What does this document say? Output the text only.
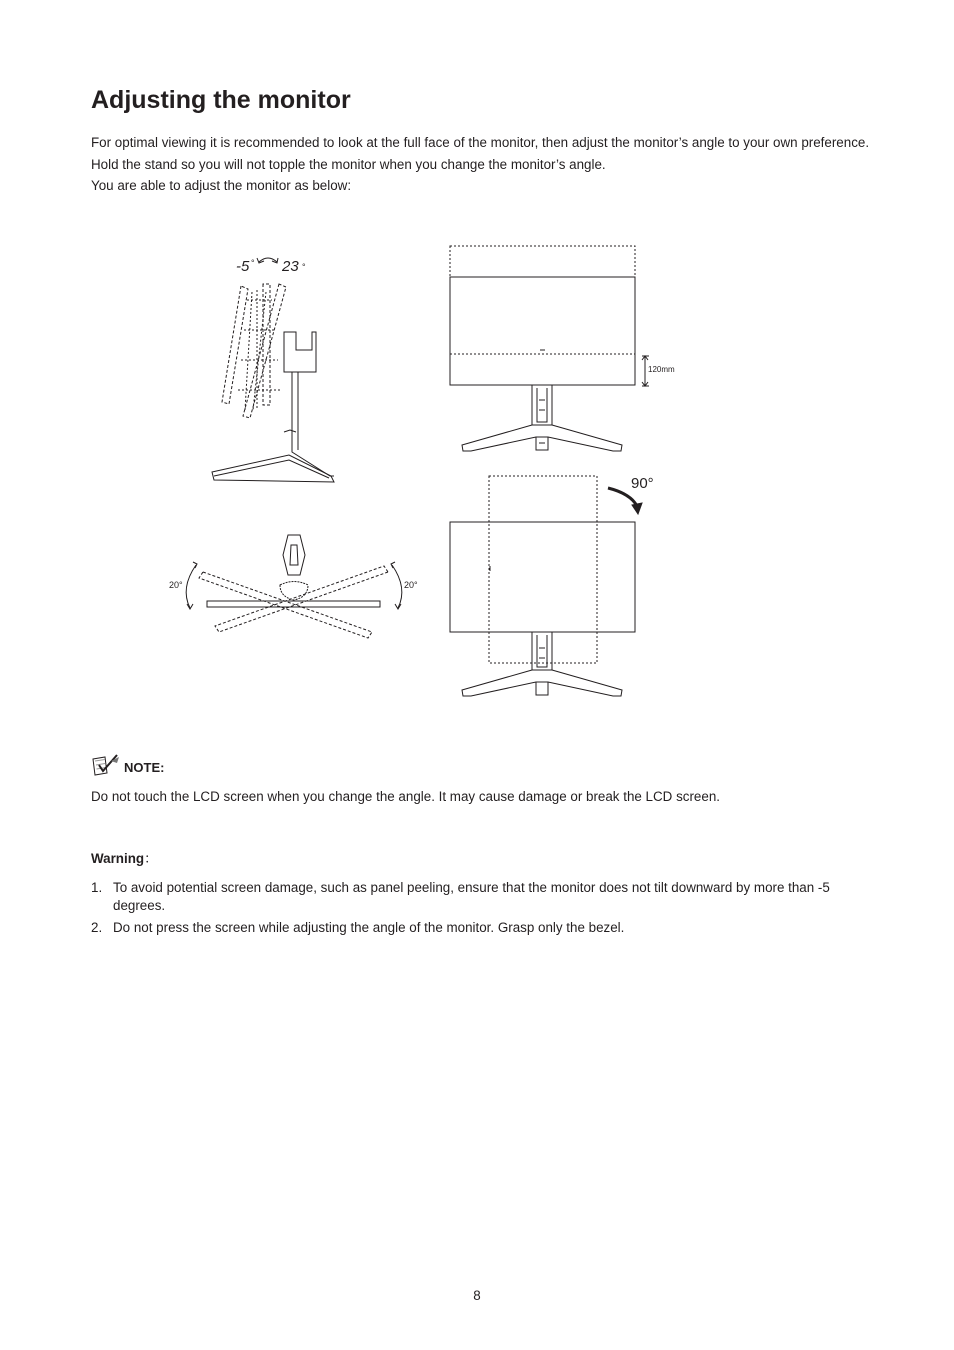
Adjusting the monitor

For optimal viewing it is recommended to look at the full face of the monitor, then adjust the monitor’s angle to your own preference.

Hold the stand so you will not topple the monitor when you change the monitor’s angle.

You are able to adjust the monitor as below:

-5 ° 23 °
120mm
90°
20°	20°
NOTE:
Do not touch the LCD screen when you change the angle. It may cause damage or break the LCD screen.
Warning：
1. To avoid potential screen damage, such as panel peeling, ensure that the monitor does not tilt downward by more than -5 degrees.
2. Do not press the screen while adjusting the angle of the monitor. Grasp only the bezel.
8
